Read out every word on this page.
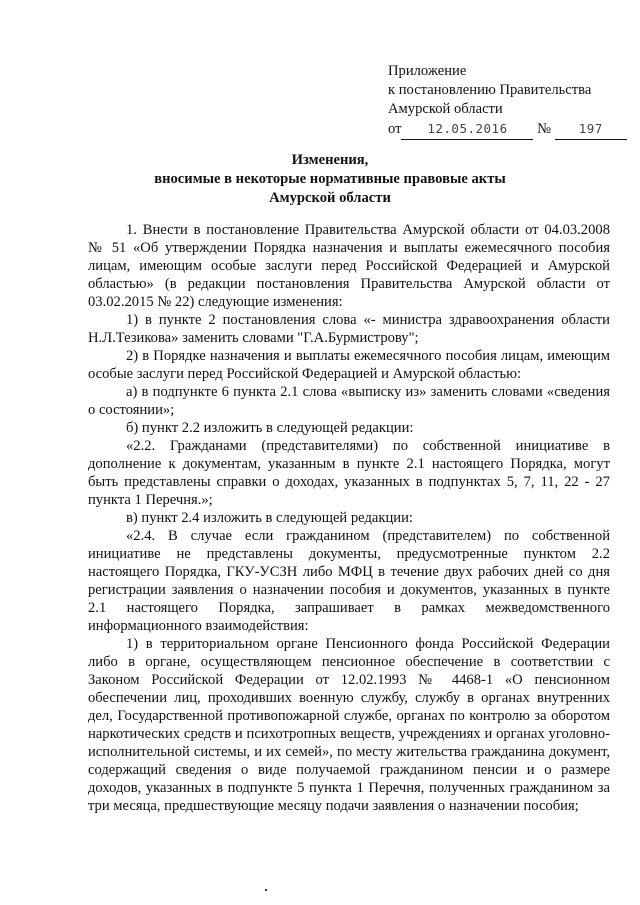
Приложение
к постановлению Правительства
Амурской области
от 12.05.2016 № 197
Изменения,
вносимые в некоторые нормативные правовые акты
Амурской области

1. Внести в постановление Правительства Амурской области от 04.03.2008 № 51 «Об утверждении Порядка назначения и выплаты ежемесячного пособия лицам, имеющим особые заслуги перед Российской Федерацией и Амурской областью» (в редакции постановления Правительства Амурской области от 03.02.2015 № 22) следующие изменения:

1) в пункте 2 постановления слова «- министра здравоохранения области Н.Л.Тезикова» заменить словами "Г.А.Бурмистрову";

2) в Порядке назначения и выплаты ежемесячного пособия лицам, имеющим особые заслуги перед Российской Федерацией и Амурской областью:

а) в подпункте 6 пункта 2.1 слова «выписку из» заменить словами «сведения о состоянии»;

б) пункт 2.2 изложить в следующей редакции:

«2.2. Гражданами (представителями) по собственной инициативе в дополнение к документам, указанным в пункте 2.1 настоящего Порядка, могут быть представлены справки о доходах, указанных в подпунктах 5, 7, 11, 22 - 27 пункта 1 Перечня.»;

в) пункт 2.4 изложить в следующей редакции:

«2.4. В случае если гражданином (представителем) по собственной инициативе не представлены документы, предусмотренные пунктом 2.2 настоящего Порядка, ГКУ-УСЗН либо МФЦ в течение двух рабочих дней со дня регистрации заявления о назначении пособия и документов, указанных в пункте 2.1 настоящего Порядка, запрашивает в рамках межведомственного информационного взаимодействия:

1) в территориальном органе Пенсионного фонда Российской Федерации либо в органе, осуществляющем пенсионное обеспечение в соответствии с Законом Российской Федерации от 12.02.1993 № 4468-1 «О пенсионном обеспечении лиц, проходивших военную службу, службу в органах внутренних дел, Государственной противопожарной службе, органах по контролю за оборотом наркотических средств и психотропных веществ, учреждениях и органах уголовно-исполнительной системы, и их семей», по месту жительства гражданина документ, содержащий сведения о виде получаемой гражданином пенсии и о размере доходов, указанных в подпункте 5 пункта 1 Перечня, полученных гражданином за три месяца, предшествующие месяцу подачи заявления о назначении пособия;
